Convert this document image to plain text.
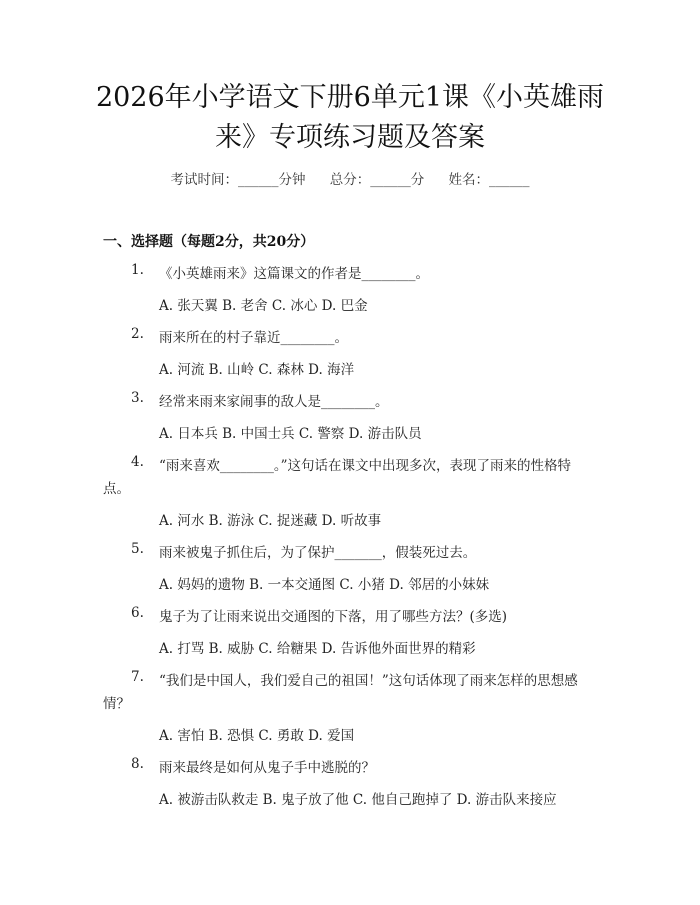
2026年小学语文下册6单元1课《小英雄雨
来》专项练习题及答案
考试时间：______分钟 总分：______分 姓名：______
一、选择题（每题2分，共20分）
1. 《小英雄雨来》这篇课文的作者是________。
A. 张天翼 B. 老舍 C. 冰心 D. 巴金
2. 雨来所在的村子靠近________。
A. 河流 B. 山岭 C. 森林 D. 海洋
3. 经常来雨来家闹事的敌人是________。
A. 日本兵 B. 中国士兵 C. 警察 D. 游击队员
4. “雨来喜欢________。”这句话在课文中出现多次，表现了雨来的性格特
点。
A. 河水 B. 游泳 C. 捉迷藏 D. 听故事
5. 雨来被鬼子抓住后，为了保护_______，假装死过去。
A. 妈妈的遗物 B. 一本交通图 C. 小猪 D. 邻居的小妹妹
6. 鬼子为了让雨来说出交通图的下落，用了哪些方法？(多选)
A. 打骂 B. 威胁 C. 给糖果 D. 告诉他外面世界的精彩
7. “我们是中国人，我们爱自己的祖国！”这句话体现了雨来怎样的思想感
情？
A. 害怕 B. 恐惧 C. 勇敢 D. 爱国
8. 雨来最终是如何从鬼子手中逃脱的？
A. 被游击队救走 B. 鬼子放了他 C. 他自己跑掉了 D. 游击队来接应
